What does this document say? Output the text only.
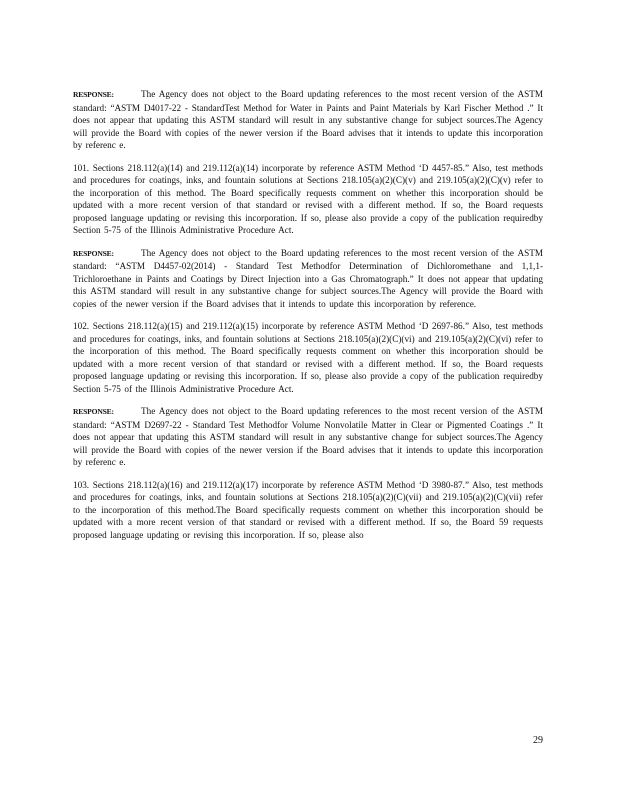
RESPONSE:	The Agency does not object to the Board updating references to the most recent version of the ASTM standard: “ASTM D4017-22 - StandardTest Method for Water in Paints and Paint Materials by Karl Fischer Method .” It does not appear that updating this ASTM standard will result in any substantive change for subject sources.The Agency will provide the Board with copies of the newer version if the Board advises that it intends to update this incorporation by referenc e.

101. Sections 218.112(a)(14) and 219.112(a)(14) incorporate by reference ASTM Method ‘D 4457-85.” Also, test methods and procedures for coatings, inks, and fountain solutions at Sections 218.105(a)(2)(C)(v) and 219.105(a)(2)(C)(v) refer to the incorporation of this method. The Board specifically requests comment on whether this incorporation should be updated with a more recent version of that standard or revised with a different method. If so, the Board requests proposed language updating or revising this incorporation. If so, please also provide a copy of the publication requiredby Section 5-75 of the Illinois Administrative Procedure Act.

RESPONSE:	The Agency does not object to the Board updating references to the most recent version of the ASTM standard: “ASTM D4457-02(2014) - Standard Test Methodfor Determination of Dichloromethane and 1,1,1-Trichloroethane in Paints and Coatings by Direct Injection into a Gas Chromatograph.” It does not appear that updating this ASTM standard will result in any substantive change for subject sources.The Agency will provide the Board with copies of the newer version if the Board advises that it intends to update this incorporation by reference.

102. Sections 218.112(a)(15) and 219.112(a)(15) incorporate by reference ASTM Method ‘D 2697-86.” Also, test methods and procedures for coatings, inks, and fountain solutions at Sections 218.105(a)(2)(C)(vi) and 219.105(a)(2)(C)(vi) refer to the incorporation of this method. The Board specifically requests comment on whether this incorporation should be updated with a more recent version of that standard or revised with a different method. If so, the Board requests proposed language updating or revising this incorporation. If so, please also provide a copy of the publication requiredby Section 5-75 of the Illinois Administrative Procedure Act.

RESPONSE:	The Agency does not object to the Board updating references to the most recent version of the ASTM standard: “ASTM D2697-22 - Standard Test Methodfor Volume Nonvolatile Matter in Clear or Pigmented Coatings .” It does not appear that updating this ASTM standard will result in any substantive change for subject sources.The Agency will provide the Board with copies of the newer version if the Board advises that it intends to update this incorporation by referenc e.

103. Sections 218.112(a)(16) and 219.112(a)(17) incorporate by reference ASTM Method ‘D 3980-87.” Also, test methods and procedures for coatings, inks, and fountain solutions at Sections 218.105(a)(2)(C)(vii) and 219.105(a)(2)(C)(vii) refer to the incorporation of this method.The Board specifically requests comment on whether this incorporation should be updated with a more recent version of that standard or revised with a different method. If so, the Board 59 requests proposed language updating or revising this incorporation. If so, please also

29
